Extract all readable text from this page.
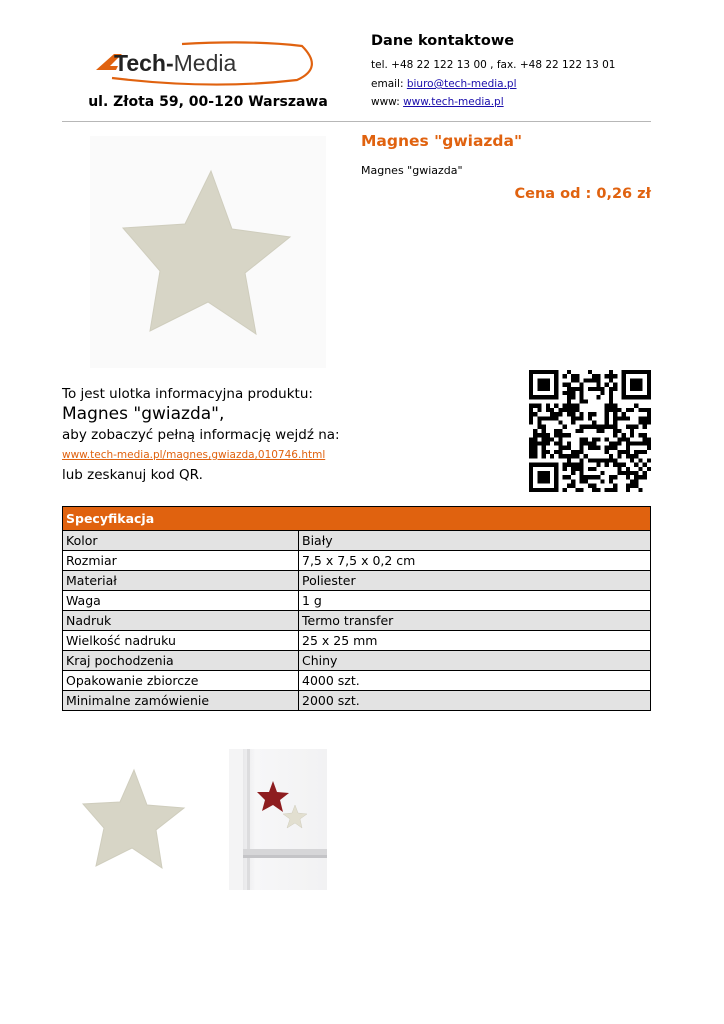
Tech-Media
ul. Złota 59, 00-120 Warszawa
Dane kontaktowe
tel. +48 22 122 13 00 , fax. +48 22 122 13 01
email: biuro@tech-media.pl
www: www.tech-media.pl
Magnes "gwiazda"
Magnes "gwiazda"
Cena od : 0,26 zł
To jest ulotka informacyjna produktu:
Magnes "gwiazda",
aby zobaczyć pełną informację wejdź na:
www.tech-media.pl/magnes,gwiazda,010746.html
lub zeskanuj kod QR.
Specyfikacja	
Kolor	Biały
Rozmiar	7,5 x 7,5 x 0,2 cm
Materiał	Poliester
Waga	1 g
Nadruk	Termo transfer
Wielkość nadruku	25 x 25 mm
Kraj pochodzenia	Chiny
Opakowanie zbiorcze	4000 szt.
Minimalne zamówienie	2000 szt.
